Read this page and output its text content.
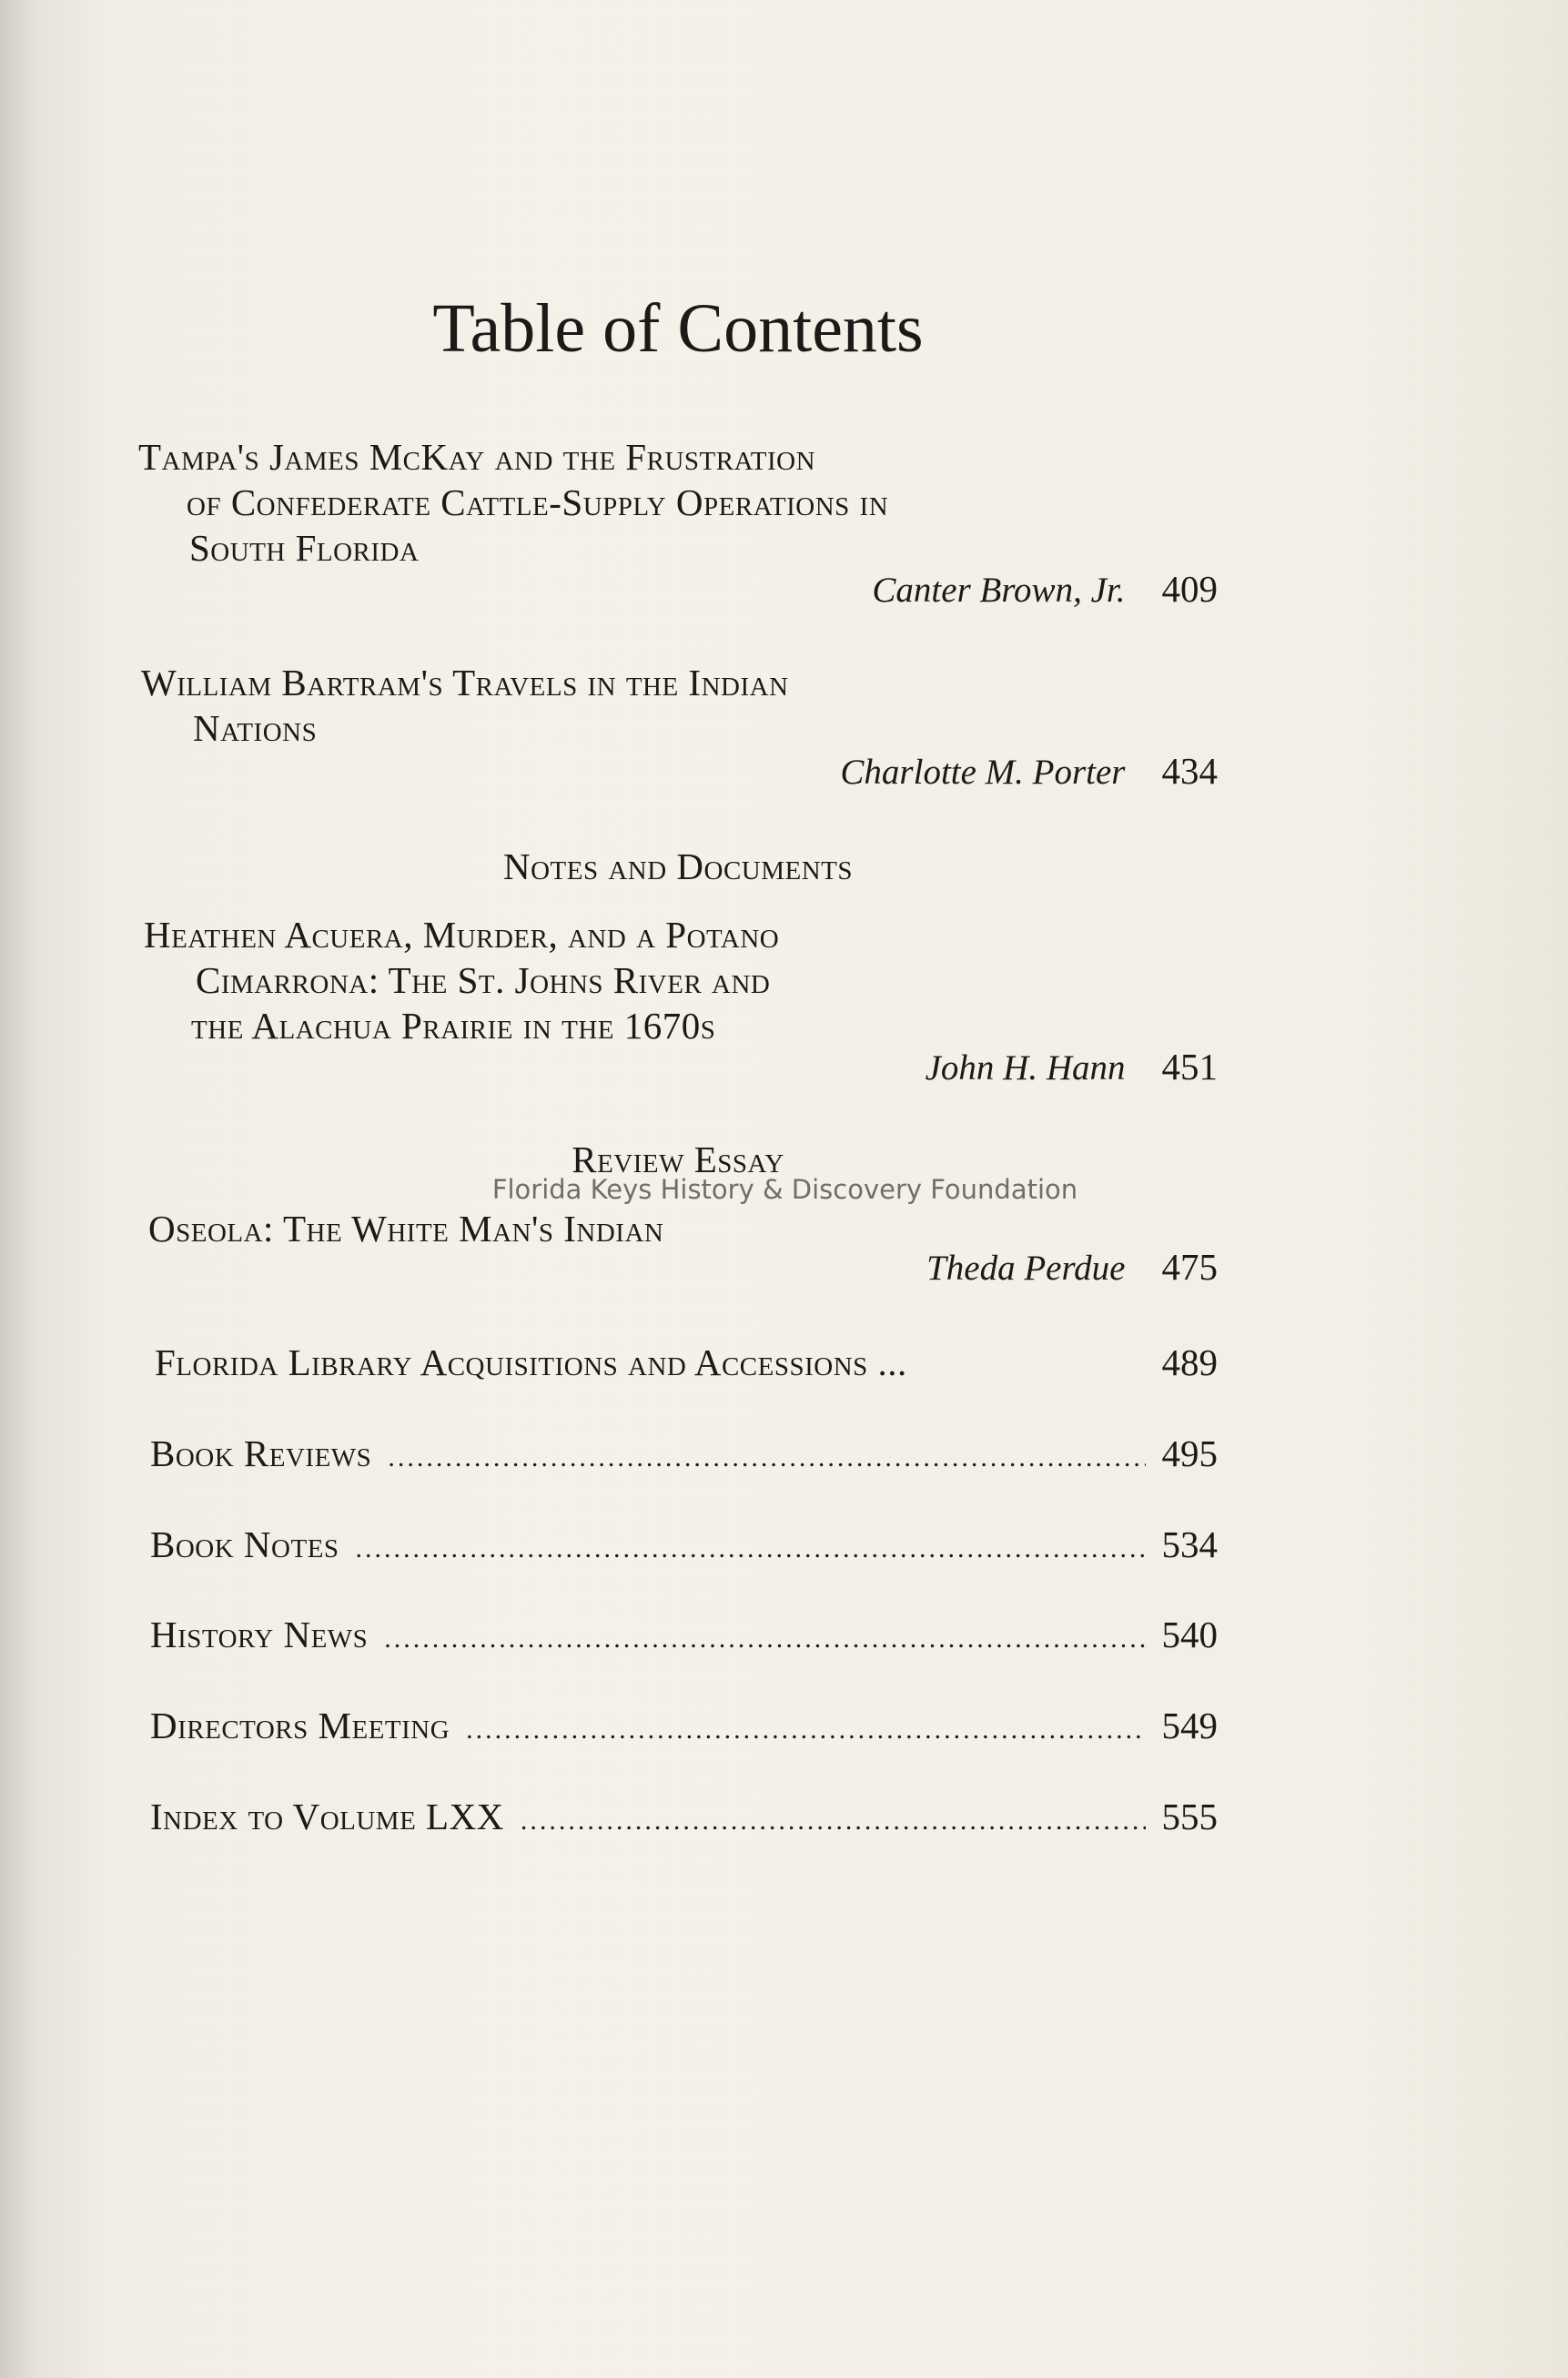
Table of Contents
Tampa's James McKay and the Frustration
of Confederate Cattle-Supply Operations in
South Florida
Canter Brown, Jr. 409
William Bartram's Travels in the Indian
Nations
Charlotte M. Porter 434
Notes and Documents
Heathen Acuera, Murder, and a Potano
Cimarrona: The St. Johns River and
the Alachua Prairie in the 1670s
John H. Hann 451
Review Essay
Florida Keys History & Discovery Foundation
Oseola: The White Man's Indian
Theda Perdue 475
Florida Library Acquisitions and Accessions ...	489
Book Reviews .....	495
Book Notes .....	534
History News .....	540
Directors Meeting .....	549
Index to Volume LXX .....	555
